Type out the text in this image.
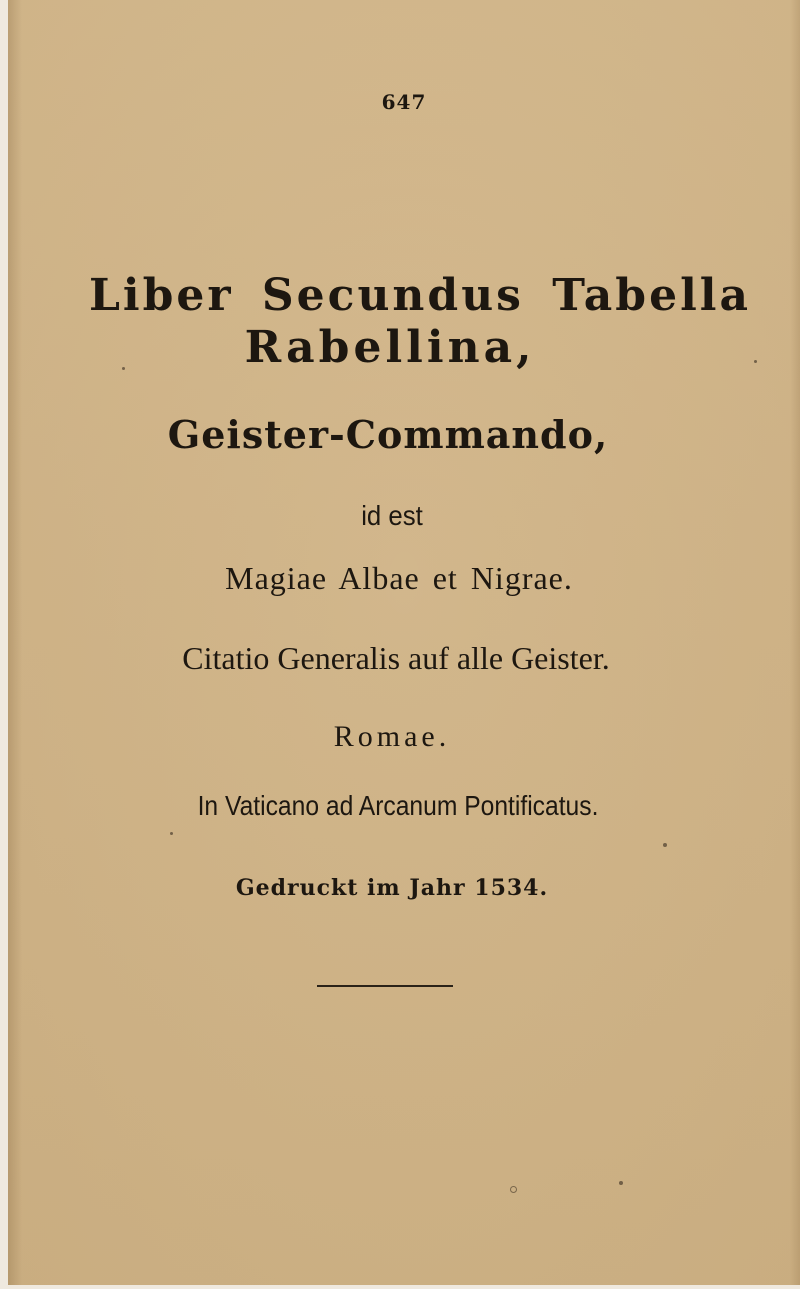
647
Liber Secundus Tabella
Rabellina,
Geister-Commando,
id est
Magiae Albae et Nigrae.
Citatio Generalis auf alle Geister.
Romae.
In Vaticano ad Arcanum Pontificatus.
Gedruckt im Jahr 1534.
